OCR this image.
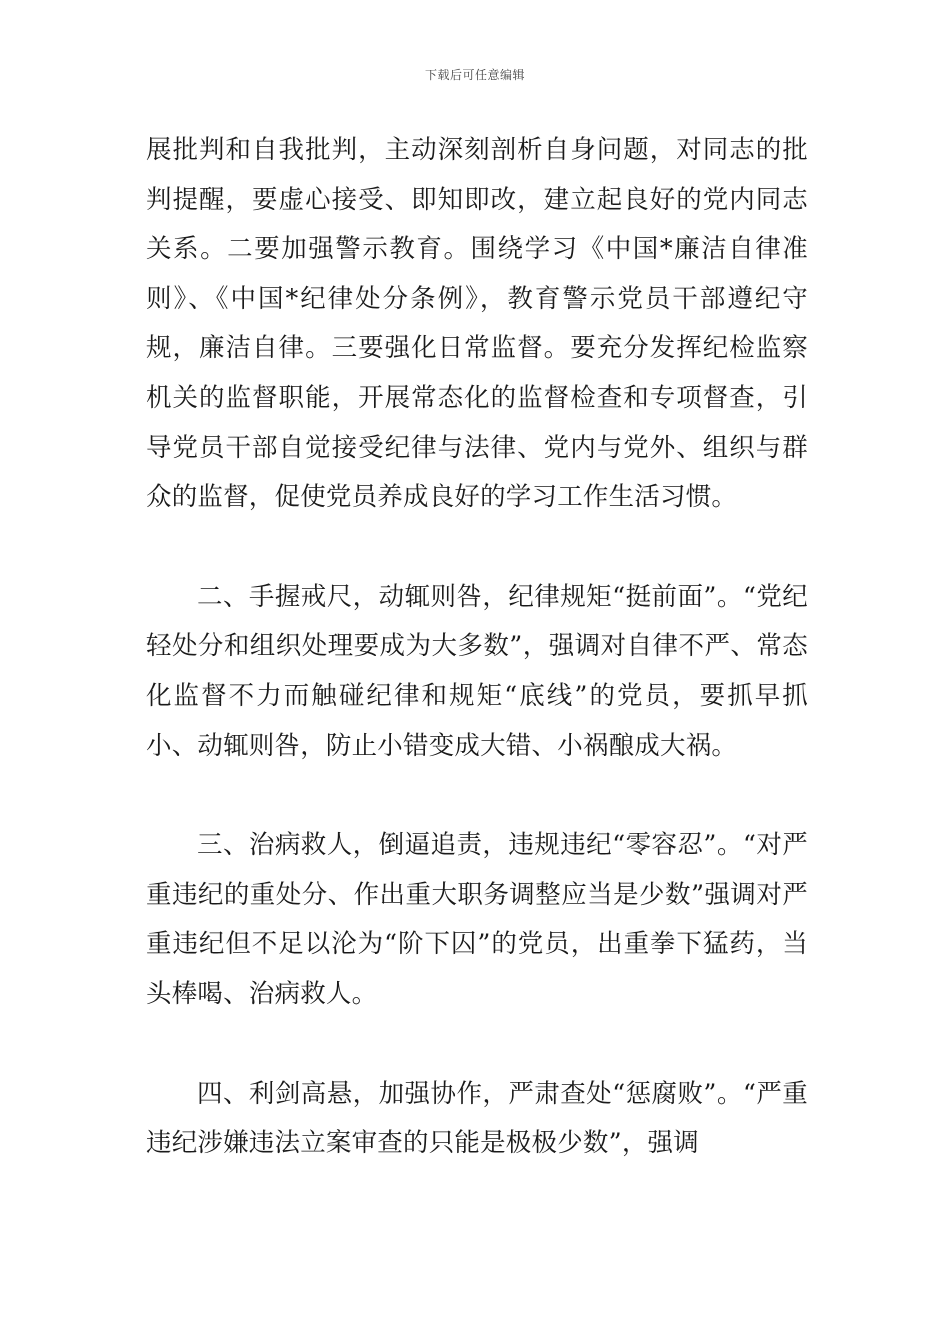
下载后可任意编辑

展批判和自我批判，主动深刻剖析自身问题，对同志的批判提醒，要虚心接受、即知即改，建立起良好的党内同志关系。二要加强警示教育。围绕学习《中国*廉洁自律准则》、《中国*纪律处分条例》，教育警示党员干部遵纪守规，廉洁自律。三要强化日常监督。要充分发挥纪检监察机关的监督职能，开展常态化的监督检查和专项督查，引导党员干部自觉接受纪律与法律、党内与党外、组织与群众的监督，促使党员养成良好的学习工作生活习惯。

二、手握戒尺，动辄则咎，纪律规矩“挺前面”。“党纪轻处分和组织处理要成为大多数”，强调对自律不严、常态化监督不力而触碰纪律和规矩“底线”的党员，要抓早抓小、动辄则咎，防止小错变成大错、小祸酿成大祸。

三、治病救人，倒逼追责，违规违纪“零容忍”。“对严重违纪的重处分、作出重大职务调整应当是少数”强调对严重违纪但不足以沦为“阶下囚”的党员，出重拳下猛药，当头棒喝、治病救人。

四、利剑高悬，加强协作，严肃查处“惩腐败”。“严重违纪涉嫌违法立案审查的只能是极极少数”，强调
